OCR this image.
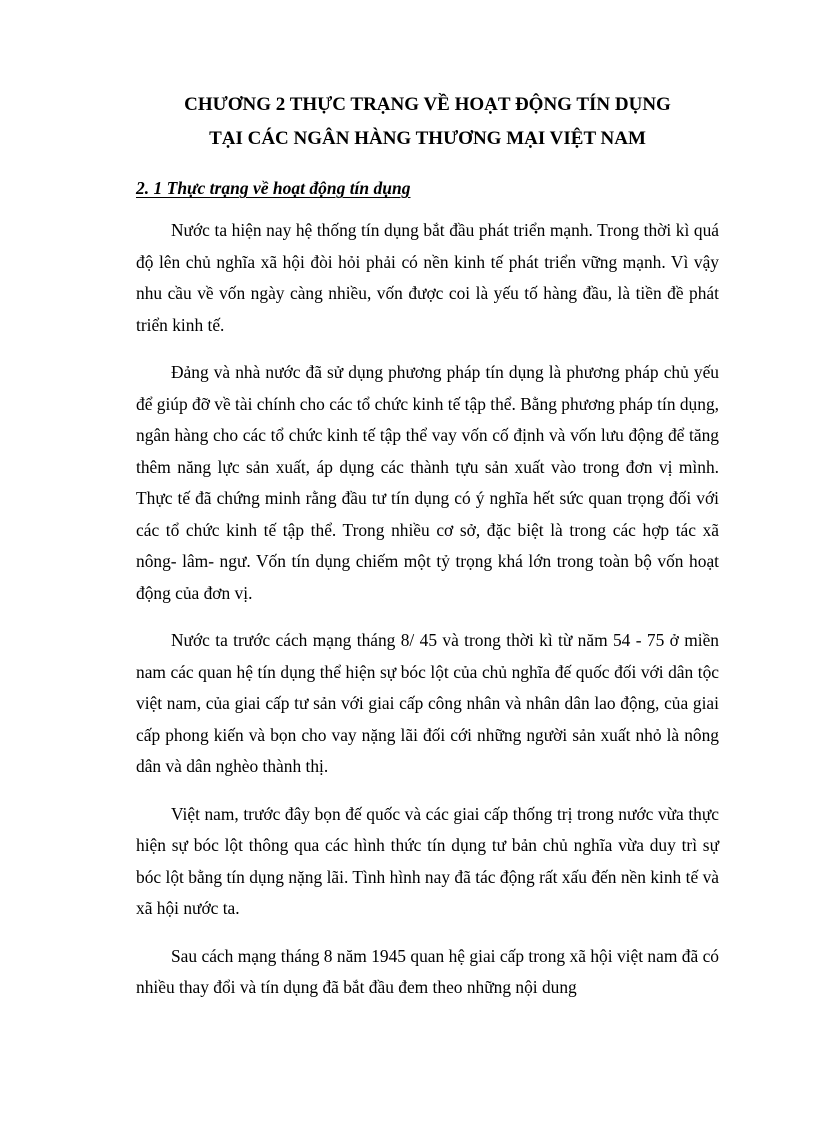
CHƯƠNG 2 THỰC TRẠNG VỀ HOẠT ĐỘNG TÍN DỤNG
TẠI CÁC NGÂN HÀNG THƯƠNG MẠI VIỆT NAM
2. 1 Thực trạng về hoạt động tín dụng

Nước ta hiện nay hệ thống tín dụng bắt đầu phát triển mạnh. Trong thời kì quá độ lên chủ nghĩa xã hội đòi hỏi phải có nền kinh tế phát triển vững mạnh. Vì vậy nhu cầu về vốn ngày càng nhiều, vốn được coi là yếu tố hàng đầu, là tiền đề phát triển kinh tế.

Đảng và nhà nước đã sử dụng phương pháp tín dụng là phương pháp chủ yếu để giúp đỡ về tài chính cho các tổ chức kinh tế tập thể. Bằng phương pháp tín dụng, ngân hàng cho các tổ chức kinh tế tập thể vay vốn cố định và vốn lưu động để tăng thêm năng lực sản xuất, áp dụng các thành tựu sản xuất vào trong đơn vị mình. Thực tế đã chứng minh rằng đầu tư tín dụng có ý nghĩa hết sức quan trọng đối với các tổ chức kinh tế tập thể. Trong nhiều cơ sở, đặc biệt là trong các hợp tác xã nông- lâm- ngư. Vốn tín dụng chiếm một tỷ trọng khá lớn trong toàn bộ vốn hoạt động của đơn vị.

Nước ta trước cách mạng tháng 8/ 45 và trong thời kì từ năm 54 - 75 ở miền nam các quan hệ tín dụng thể hiện sự bóc lột của chủ nghĩa đế quốc đối với dân tộc việt nam, của giai cấp tư sản với giai cấp công nhân và nhân dân lao động, của giai cấp phong kiến và bọn cho vay nặng lãi đối cới những người sản xuất nhỏ là nông dân và dân nghèo thành thị.

Việt nam, trước đây bọn đế quốc và các giai cấp thống trị trong nước vừa thực hiện sự bóc lột thông qua các hình thức tín dụng tư bản chủ nghĩa vừa duy trì sự bóc lột bằng tín dụng nặng lãi. Tình hình nay đã tác động rất xấu đến nền kinh tế và xã hội nước ta.

Sau cách mạng tháng 8 năm 1945 quan hệ giai cấp trong xã hội việt nam đã có nhiều thay đổi và tín dụng đã bắt đầu đem theo những nội dung
